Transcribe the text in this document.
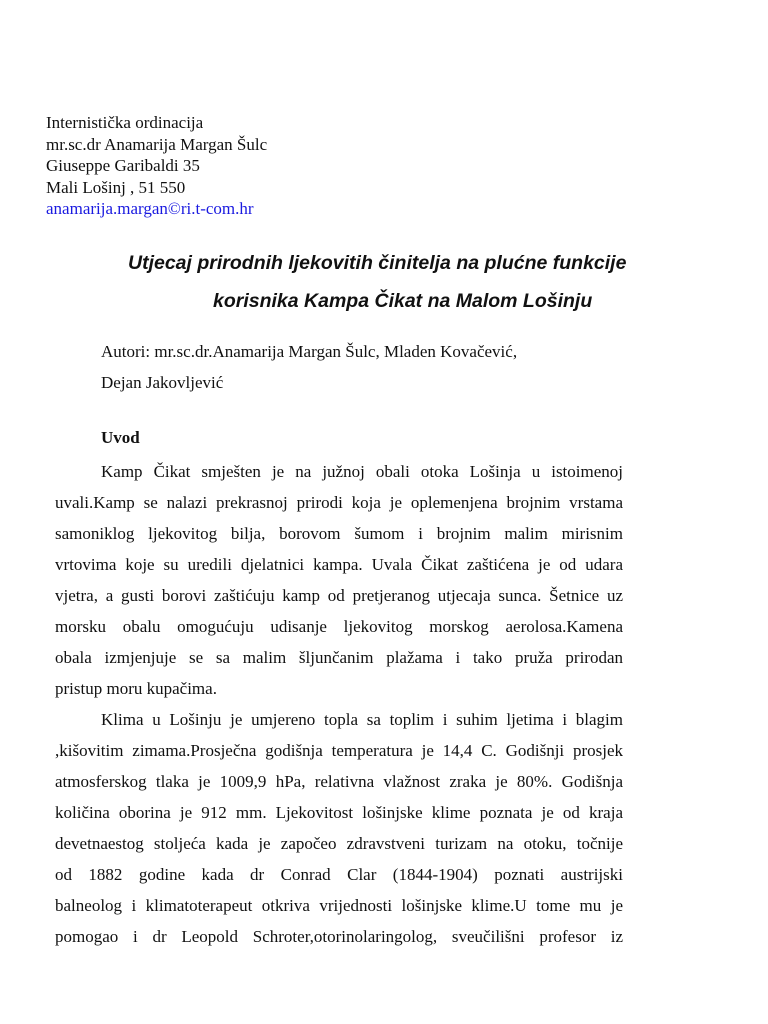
Internistička ordinacija
mr.sc.dr Anamarija Margan Šulc
Giuseppe Garibaldi 35
Mali Lošinj , 51 550
anamarija.margan©ri.t-com.hr
Utjecaj prirodnih ljekovitih činitelja na plućne funkcije
korisnika Kampa Čikat na Malom Lošinju
Autori: mr.sc.dr.Anamarija Margan Šulc, Mladen Kovačević,
Dejan Jakovljević
Uvod
Kamp Čikat smješten je na južnoj obali otoka Lošinja u istoimenoj
uvali.Kamp se nalazi prekrasnoj prirodi koja je oplemenjena brojnim vrstama
samoniklog ljekovitog bilja, borovom šumom i brojnim malim mirisnim
vrtovima koje su uredili djelatnici kampa. Uvala Čikat zaštićena je od udara
vjetra, a gusti borovi zaštićuju kamp od pretjeranog utjecaja sunca. Šetnice uz
morsku obalu omogućuju udisanje ljekovitog morskog aerolosa.Kamena
obala izmjenjuje se sa malim šljunčanim plažama i tako pruža prirodan
pristup moru kupačima.
Klima u Lošinju je umjereno topla sa toplim i suhim ljetima i blagim
,kišovitim zimama.Prosječna godišnja temperatura je 14,4 C. Godišnji prosjek
atmosferskog tlaka je 1009,9 hPa, relativna vlažnost zraka je 80%. Godišnja
količina oborina je 912 mm. Ljekovitost lošinjske klime poznata je od kraja
devetnaestog stoljeća kada je započeo zdravstveni turizam na otoku, točnije
od 1882 godine kada dr Conrad Clar (1844-1904) poznati austrijski
balneolog i klimatoterapeut otkriva vrijednosti lošinjske klime.U tome mu je
pomogao i dr Leopold Schroter,otorinolaringolog, sveučilišni profesor iz
